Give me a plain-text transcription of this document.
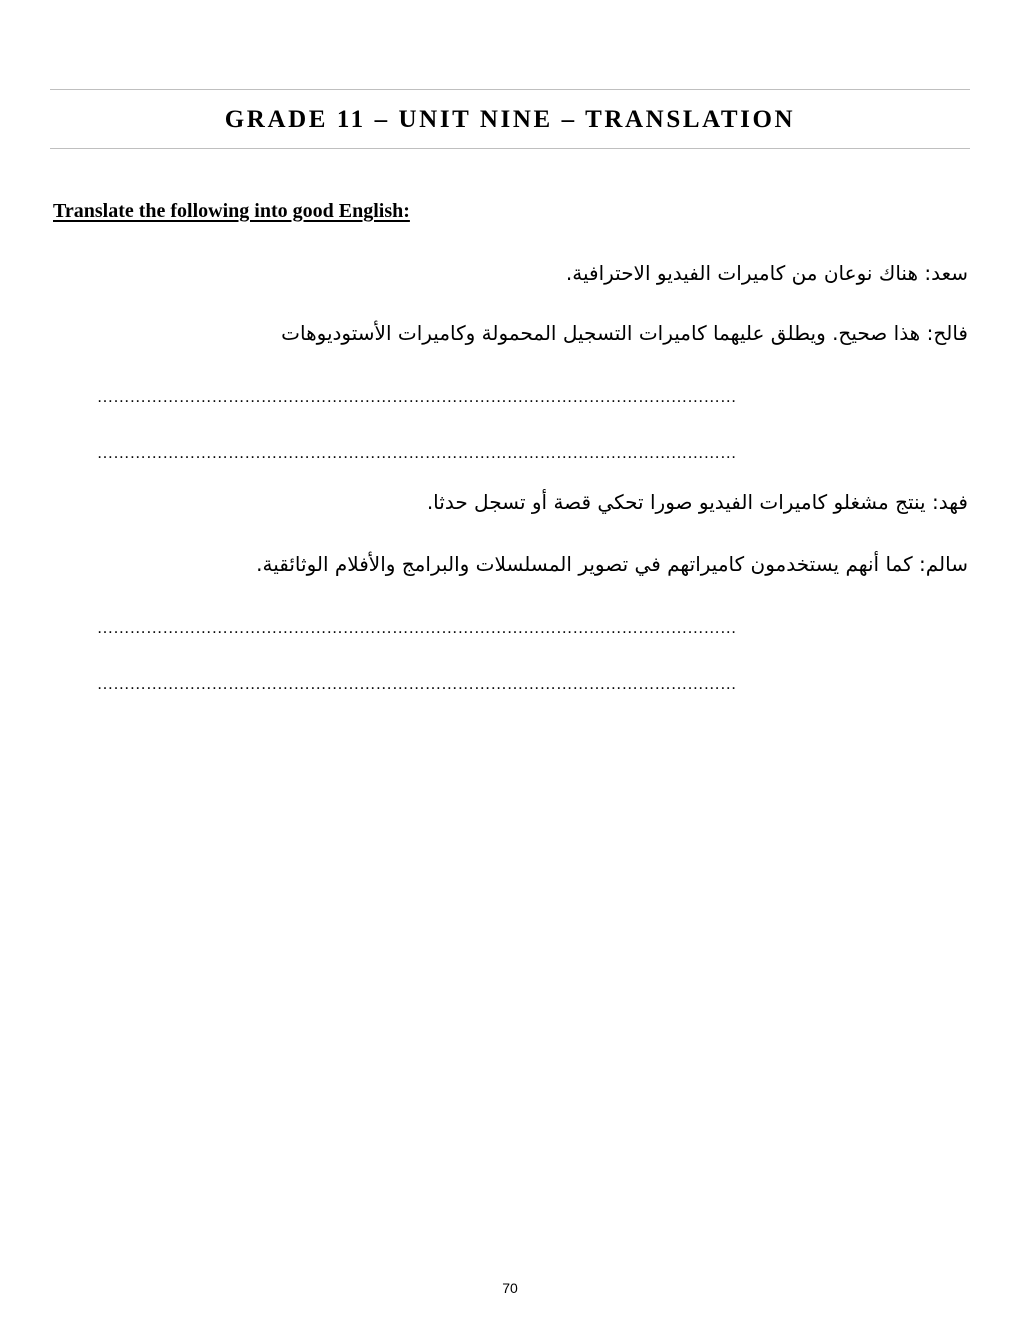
GRADE 11 – UNIT NINE – TRANSLATION
Translate the following into good English:
سعد: هناك نوعان من كاميرات الفيديو الاحترافية.
فالح: هذا صحيح. ويطلق عليهما كاميرات التسجيل المحمولة وكاميرات الأستوديوهات
………………………………………………………………………………………………………
………………………………………………………………………………………………………
فهد: ينتج مشغلو كاميرات الفيديو صورا تحكي قصة أو تسجل حدثا.
سالم: كما أنهم يستخدمون كاميراتهم في تصوير المسلسلات والبرامج والأفلام الوثائقية.
………………………………………………………………………………………………………
………………………………………………………………………………………………………
70
